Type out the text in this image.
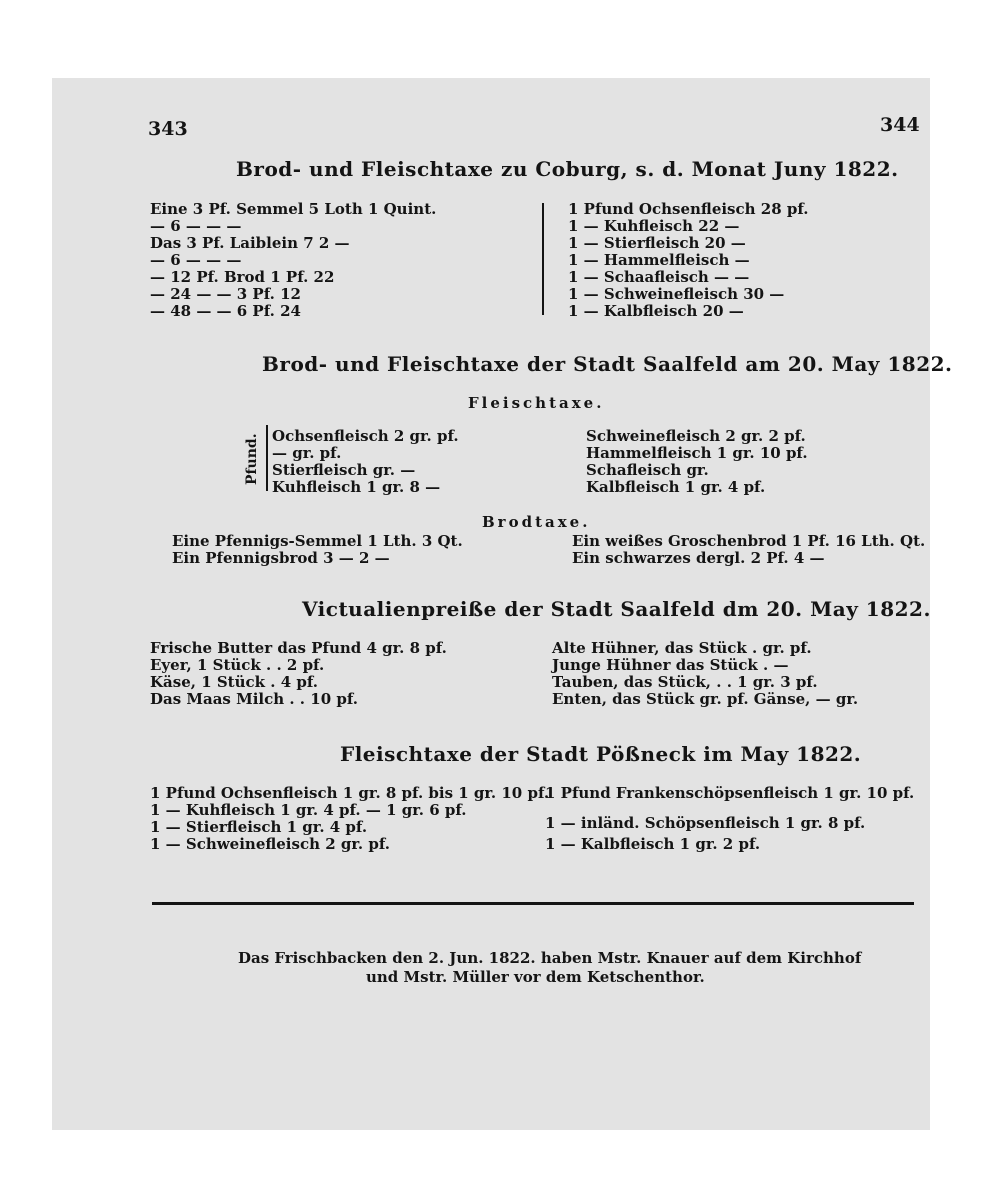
343	344
Brod- und Fleischtaxe zu Coburg, s. d. Monat Juny 1822.
Eine 3 Pf. Semmel 5 Loth 1 Quint.
— 6 — — —
Das 3 Pf. Laiblein 7 2 —
— 6 — — —
— 12 Pf. Brod 1 Pf. 22
— 24 — — 3 Pf. 12
— 48 — — 6 Pf. 24
1 Pfund Ochsenfleisch 28 pf.
1 — Kuhfleisch 22 —
1 — Stierfleisch 20 —
1 — Hammelfleisch —
1 — Schaafleisch — —
1 — Schweinefleisch 30 —
1 — Kalbfleisch 20 —
Brod- und Fleischtaxe der Stadt Saalfeld am 20. May 1822.
Fleischtaxe.
Pfund. Ochsenfleisch 2 gr. pf.
— gr. pf.
Stierfleisch gr. —
Kuhfleisch 1 gr. 8 —
Schweinefleisch 2 gr. 2 pf.
Hammelfleisch 1 gr. 10 pf.
Schafleisch gr.
Kalbfleisch 1 gr. 4 pf.
Brodtaxe.
Eine Pfennigs-Semmel 1 Lth. 3 Qt.
Ein Pfennigsbrod 3 — 2 —
Ein weißes Groschenbrod 1 Pf. 16 Lth. Qt.
Ein schwarzes dergl. 2 Pf. 4 —
Victualienpreiße der Stadt Saalfeld dm 20. May 1822.
Frische Butter das Pfund 4 gr. 8 pf.
Eyer, 1 Stück . . 2 pf.
Käse, 1 Stück . 4 pf.
Das Maas Milch . . 10 pf.
Alte Hühner, das Stück . gr. pf.
Junge Hühner das Stück . —
Tauben, das Stück, . . 1 gr. 3 pf.
Enten, das Stück gr. pf. Gänse, — gr.
Fleischtaxe der Stadt Pößneck im May 1822.
1 Pfund Ochsenfleisch 1 gr. 8 pf. bis 1 gr. 10 pf.
1 — Kuhfleisch 1 gr. 4 pf. — 1 gr. 6 pf.
1 — Stierfleisch 1 gr. 4 pf.
1 — Schweinefleisch 2 gr. pf.
1 Pfund Frankenschöpsenfleisch 1 gr. 10 pf.
1 — inländ. Schöpsenfleisch 1 gr. 8 pf.
1 — Kalbfleisch 1 gr. 2 pf.
Das Frischbacken den 2. Jun. 1822. haben Mstr. Knauer auf dem Kirchhof
und Mstr. Müller vor dem Ketschenthor.
